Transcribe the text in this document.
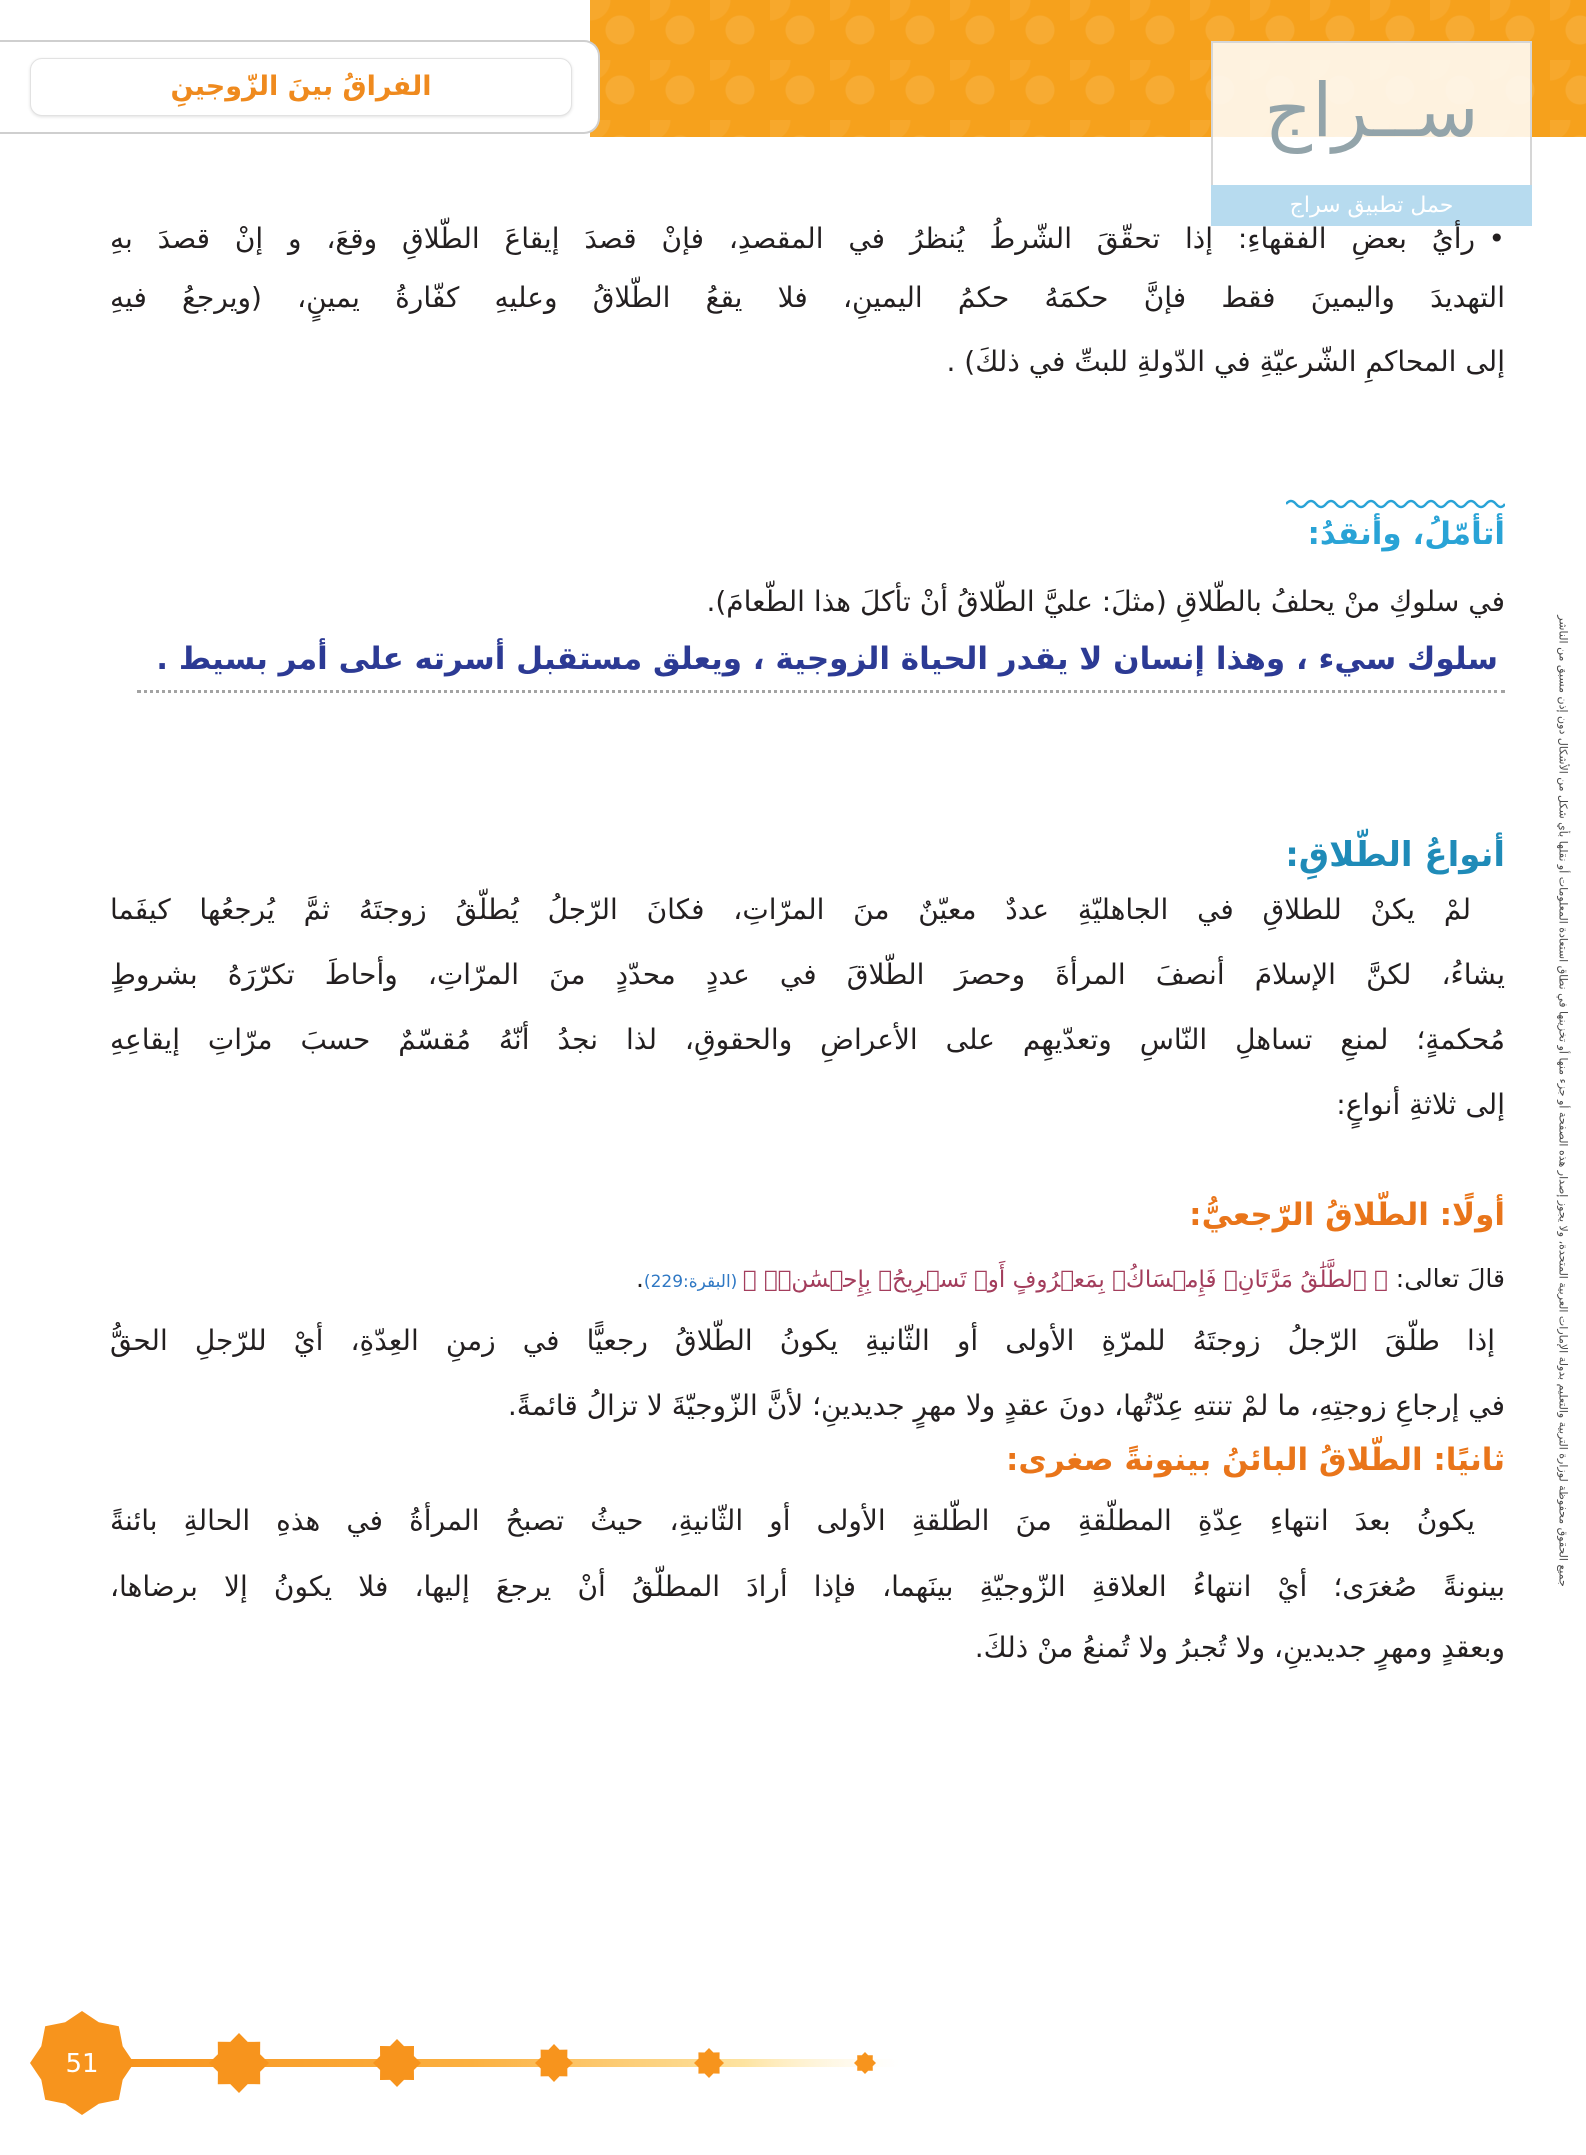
الفراقُ بينَ الزّوجينِ	ســراج
حمل تطبيق سراج
•
رأيُ بعضِ الفقهاءِ: إذا تحقّقَ الشّرطُ يُنظرُ في المقصدِ، فإنْ قصدَ إيقاعَ الطّلاقِ وقعَ، و إنْ قصدَ بهِ
التهديدَ واليمينَ فقط فإنَّ حكمَهُ حكمُ اليمينِ، فلا يقعُ الطّلاقُ وعليهِ كفّارةُ يمينٍ، (ويرجعُ فيهِ
إلى المحاكمِ الشّرعيّةِ في الدّولةِ للبتِّ في ذلكَ) .
أتأمّلُ، وأنقدُ:
في سلوكِ منْ يحلفُ بالطّلاقِ (مثلَ: عليَّ الطّلاقُ أنْ تأكلَ هذا الطّعامَ).
سلوك سيء ، وهذا إنسان لا يقدر الحياة الزوجية ، ويعلق مستقبل أسرته على أمر بسيط .
أنواعُ الطّلاقِ:
لمْ يكنْ للطلاقِ في الجاهليّةِ عددٌ معيّنٌ منَ المرّاتِ، فكانَ الرّجلُ يُطلّقُ زوجتَهُ ثمَّ يُرجعُها كيفَما
يشاءُ، لكنَّ الإسلامَ أنصفَ المرأةَ وحصرَ الطّلاقَ في عددٍ محدّدٍ منَ المرّاتِ، وأحاطَ تكرّرَهُ بشروطٍ
مُحكمةٍ؛ لمنعِ تساهلِ النّاسِ وتعدّيهِم على الأعراضِ والحقوقِ، لذا نجدُ أنّهُ مُقسّمٌ حسبَ مرّاتِ إيقاعِهِ
إلى ثلاثةِ أنواعٍ:
أولًا: الطّلاقُ الرّجعيُّ:
قالَ تعالى: ﴿ ٱلطَّلَٰقُ مَرَّتَانِۖ فَإِمۡسَاكُۢ بِمَعۡرُوفٍ أَوۡ تَسۡرِيحُۢ بِإِحۡسَٰنٖۗ ﴾ (البقرة:229).
إذا طلّقَ الرّجلُ زوجتَهُ للمرّةِ الأولى أو الثّانيةِ يكونُ الطّلاقُ رجعيًّا في زمنِ العِدّةِ، أيْ للرّجلِ الحقُّ
في إرجاعِ زوجتِهِ، ما لمْ تنتهِ عِدّتُها، دونَ عقدٍ ولا مهرٍ جديدينِ؛ لأنَّ الزّوجيّةَ لا تزالُ قائمةً.
ثانيًا: الطّلاقُ البائنُ بينونةً صغرى:
يكونُ بعدَ انتهاءِ عِدّةِ المطلّقةِ منَ الطّلقةِ الأولى أو الثّانيةِ، حيثُ تصبحُ المرأةُ في هذهِ الحالةِ بائنةً
بينونةً صُغرَى؛ أيْ انتهاءُ العلاقةِ الزّوجيّةِ بينَهما، فإذا أرادَ المطلّقُ أنْ يرجعَ إليها، فلا يكونُ إلا برضاها،
وبعقدٍ ومهرٍ جديدينِ، ولا تُجبرُ ولا تُمنعُ منْ ذلكَ.
جميع الحقوق محفوظة لوزارة التربية والتعليم بدولة الإمارات العربية المتحدة، ولا يجوز إصدار هذه الصفحة أو جزء منها أو تخزينها في نطاق استعادة المعلومات أو نقلها بأي شكل من الأشكال دون إذن مسبق من الناشر
51
